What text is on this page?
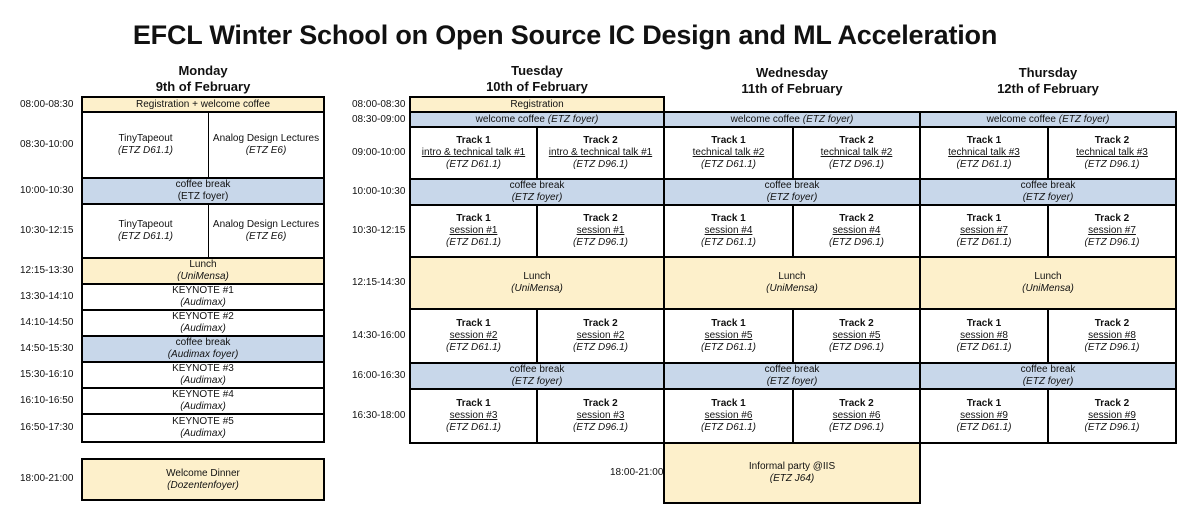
EFCL Winter School on Open Source IC Design and ML Acceleration
Monday
9th of February
Tuesday
10th of February
Wednesday
11th of February
Thursday
12th of February
08:00-08:30
08:30-10:00
10:00-10:30
10:30-12:15
12:15-13:30
13:30-14:10
14:10-14:50
14:50-15:30
15:30-16:10
16:10-16:50
16:50-17:30
18:00-21:00
Registration + welcome coffee
TinyTapeout
(ETZ D61.1)
Analog Design Lectures
(ETZ E6)
coffee break
(ETZ foyer)
TinyTapeout
(ETZ D61.1)
Analog Design Lectures
(ETZ E6)
Lunch
(UniMensa)
KEYNOTE #1
(Audimax)
KEYNOTE #2
(Audimax)
coffee break
(Audimax foyer)
KEYNOTE #3
(Audimax)
KEYNOTE #4
(Audimax)
KEYNOTE #5
(Audimax)
Welcome Dinner
(Dozentenfoyer)
08:00-08:30
08:30-09:00
09:00-10:00
10:00-10:30
10:30-12:15
12:15-14:30
14:30-16:00
16:00-16:30
16:30-18:00
18:00-21:00
Registration
welcome coffee
(ETZ foyer)	welcome coffee
(ETZ foyer)	welcome coffee
(ETZ foyer)
Track 1
intro & technical talk #1
(ETZ D61.1)
Track 2
intro & technical talk #1
(ETZ D96.1)
Track 1
technical talk #2
(ETZ D61.1)
Track 2
technical talk #2
(ETZ D96.1)
Track 1
technical talk #3
(ETZ D61.1)
Track 2
technical talk #3
(ETZ D96.1)
coffee break
(ETZ foyer)
coffee break
(ETZ foyer)
coffee break
(ETZ foyer)
Track 1
session #1
(ETZ D61.1)
Track 2
session #1
(ETZ D96.1)
Track 1
session #4
(ETZ D61.1)
Track 2
session #4
(ETZ D96.1)
Track 1
session #7
(ETZ D61.1)
Track 2
session #7
(ETZ D96.1)
Lunch
(UniMensa)
Lunch
(UniMensa)
Lunch
(UniMensa)
Track 1
session #2
(ETZ D61.1)
Track 2
session #2
(ETZ D96.1)
Track 1
session #5
(ETZ D61.1)
Track 2
session #5
(ETZ D96.1)
Track 1
session #8
(ETZ D61.1)
Track 2
session #8
(ETZ D96.1)
coffee break
(ETZ foyer)
coffee break
(ETZ foyer)
coffee break
(ETZ foyer)
Track 1
session #3
(ETZ D61.1)
Track 2
session #3
(ETZ D96.1)
Track 1
session #6
(ETZ D61.1)
Track 2
session #6
(ETZ D96.1)
Track 1
session #9
(ETZ D61.1)
Track 2
session #9
(ETZ D96.1)
Informal party @IIS
(ETZ J64)
